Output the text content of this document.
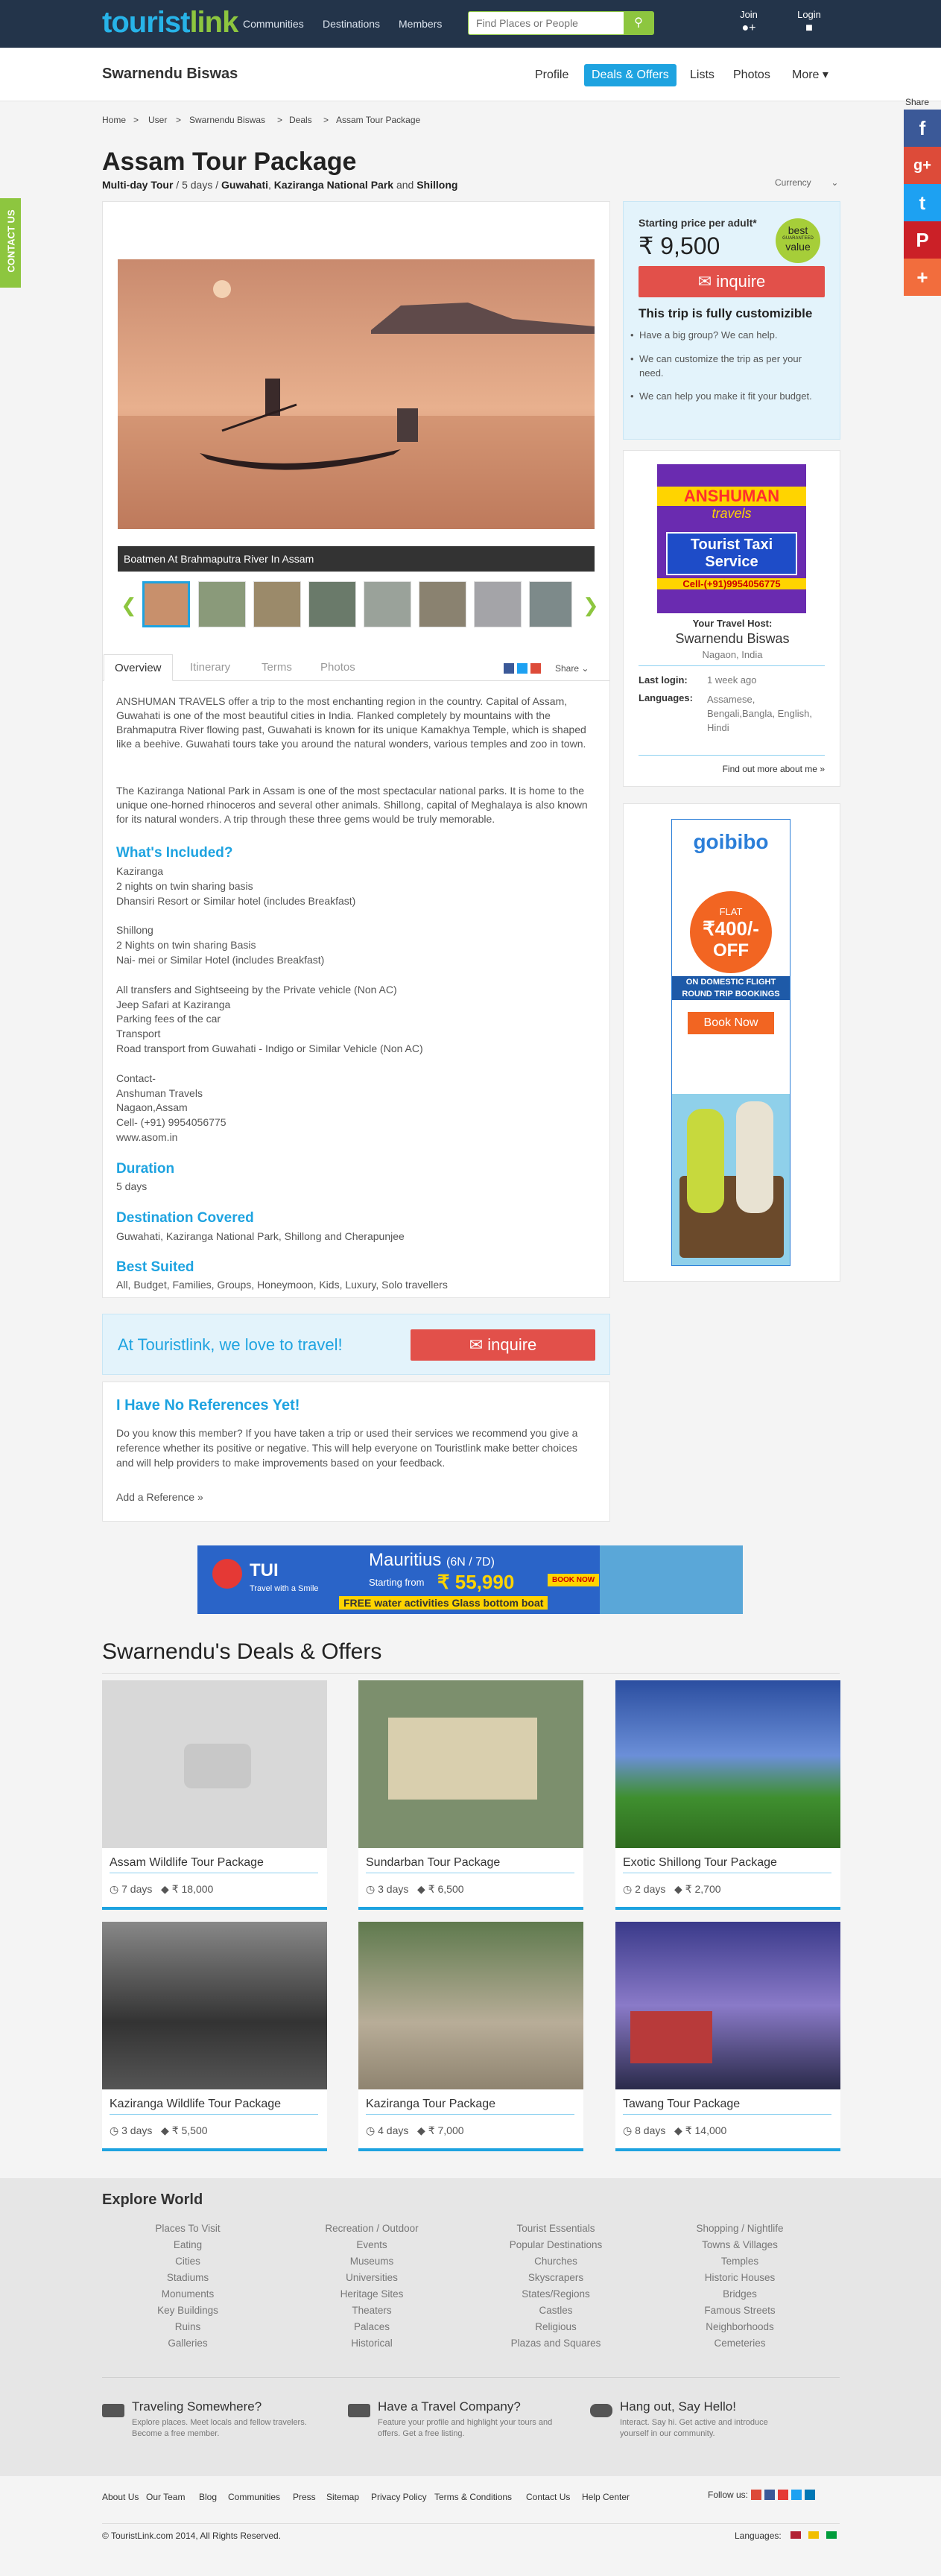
touristlink Communities Destinations Members
Find Places or People	⚲
Join
●+
Login
■
Swarnendu Biswas	Profile	Deals & Offers	Lists	Photos	More ▾
Home > User > Swarnendu Biswas > Deals > Assam Tour Package
Assam Tour Package
Multi-day Tour / 5 days / Guwahati, Kaziranga National Park and Shillong	Currency ⌄
Share
f
g+
t
P
+
CONTACT US
Boatmen At Brahmaputra River In Assam
❮	❯
Overview	Itinerary	Terms	Photos	Share ⌄

ANSHUMAN TRAVELS offer a trip to the most enchanting region in the country. Capital of Assam, Guwahati is one of the most beautiful cities in India. Flanked completely by mountains with the Brahmaputra River flowing past, Guwahati is known for its unique Kamakhya Temple, which is shaped like a beehive. Guwahati tours take you around the natural wonders, various temples and zoo in town.

The Kaziranga National Park in Assam is one of the most spectacular national parks. It is home to the unique one-horned rhinoceros and several other animals. Shillong, capital of Meghalaya is also known for its natural wonders. A trip through these three gems would be truly memorable.

What's Included?
Kaziranga
2 nights on twin sharing basis
Dhansiri Resort or Similar hotel (includes Breakfast)
Shillong
2 Nights on twin sharing Basis
Nai- mei or Similar Hotel (includes Breakfast)
All transfers and Sightseeing by the Private vehicle (Non AC)
Jeep Safari at Kaziranga
Parking fees of the car
Transport
Road transport from Guwahati - Indigo or Similar Vehicle (Non AC)
Contact-
Anshuman Travels
Nagaon,Assam
Cell- (+91) 9954056775
www.asom.in
Duration

5 days

Destination Covered

Guwahati, Kaziranga National Park, Shillong and Cherapunjee

Best Suited

All, Budget, Families, Groups, Honeymoon, Kids, Luxury, Solo travellers

At Touristlink, we love to travel!	✉ inquire
I Have No References Yet!
Do you know this member? If you have taken a trip or used their services we recommend you give a reference whether its positive or negative. This will help everyone on Touristlink make better choices and will help providers to make improvements based on your feedback.
Add a Reference »
Starting price per adult*
₹ 9,500
best
GUARANTEED
value
✉ inquire
This trip is fully customizible
• Have a big group? We can help.
• We can customize the trip as per your need.
• We can help you make it fit your budget.
ANSHUMAN
travels
Tourist Taxi Service
Cell-(+91)9954056775
Your Travel Host:
Swarnendu Biswas
Nagaon, India
Last login: 1 week ago
Languages: Assamese, Bengali,Bangla, English, Hindi
Find out more about me »
goibibo
FLAT
₹400/-
OFF
ON DOMESTIC FLIGHT
ROUND TRIP BOOKINGS
Book Now
TUI
Travel with a Smile
Mauritius (6N / 7D)
Starting from ₹ 55,990
FREE water activities Glass bottom boat
BOOK NOW
Swarnendu's Deals & Offers
Assam Wildlife Tour Package
◷ 7 days ◆ ₹ 18,000
Sundarban Tour Package
◷ 3 days ◆ ₹ 6,500
Exotic Shillong Tour Package
◷ 2 days ◆ ₹ 2,700
Kaziranga Wildlife Tour Package
◷ 3 days ◆ ₹ 5,500
Kaziranga Tour Package
◷ 4 days ◆ ₹ 7,000
Tawang Tour Package
◷ 8 days ◆ ₹ 14,000
Explore World
Places To Visit
Eating
Cities
Stadiums
Monuments
Key Buildings
Ruins
Galleries
Recreation / Outdoor
Events
Museums
Universities
Heritage Sites
Theaters
Palaces
Historical
Tourist Essentials
Popular Destinations
Churches
Skyscrapers
States/Regions
Castles
Religious
Plazas and Squares
Shopping / Nightlife
Towns & Villages
Temples
Historic Houses
Bridges
Famous Streets
Neighborhoods
Cemeteries
Traveling Somewhere?
Explore places. Meet locals and fellow travelers. Become a free member.
Have a Travel Company?
Feature your profile and highlight your tours and offers. Get a free listing.
Hang out, Say Hello!
Interact. Say hi. Get active and introduce yourself in our community.
About Us Our Team Blog Communities Press Sitemap Privacy Policy Terms & Conditions Contact Us Help Center	Follow us:
© TouristLink.com 2014, All Rights Reserved.	Languages:
